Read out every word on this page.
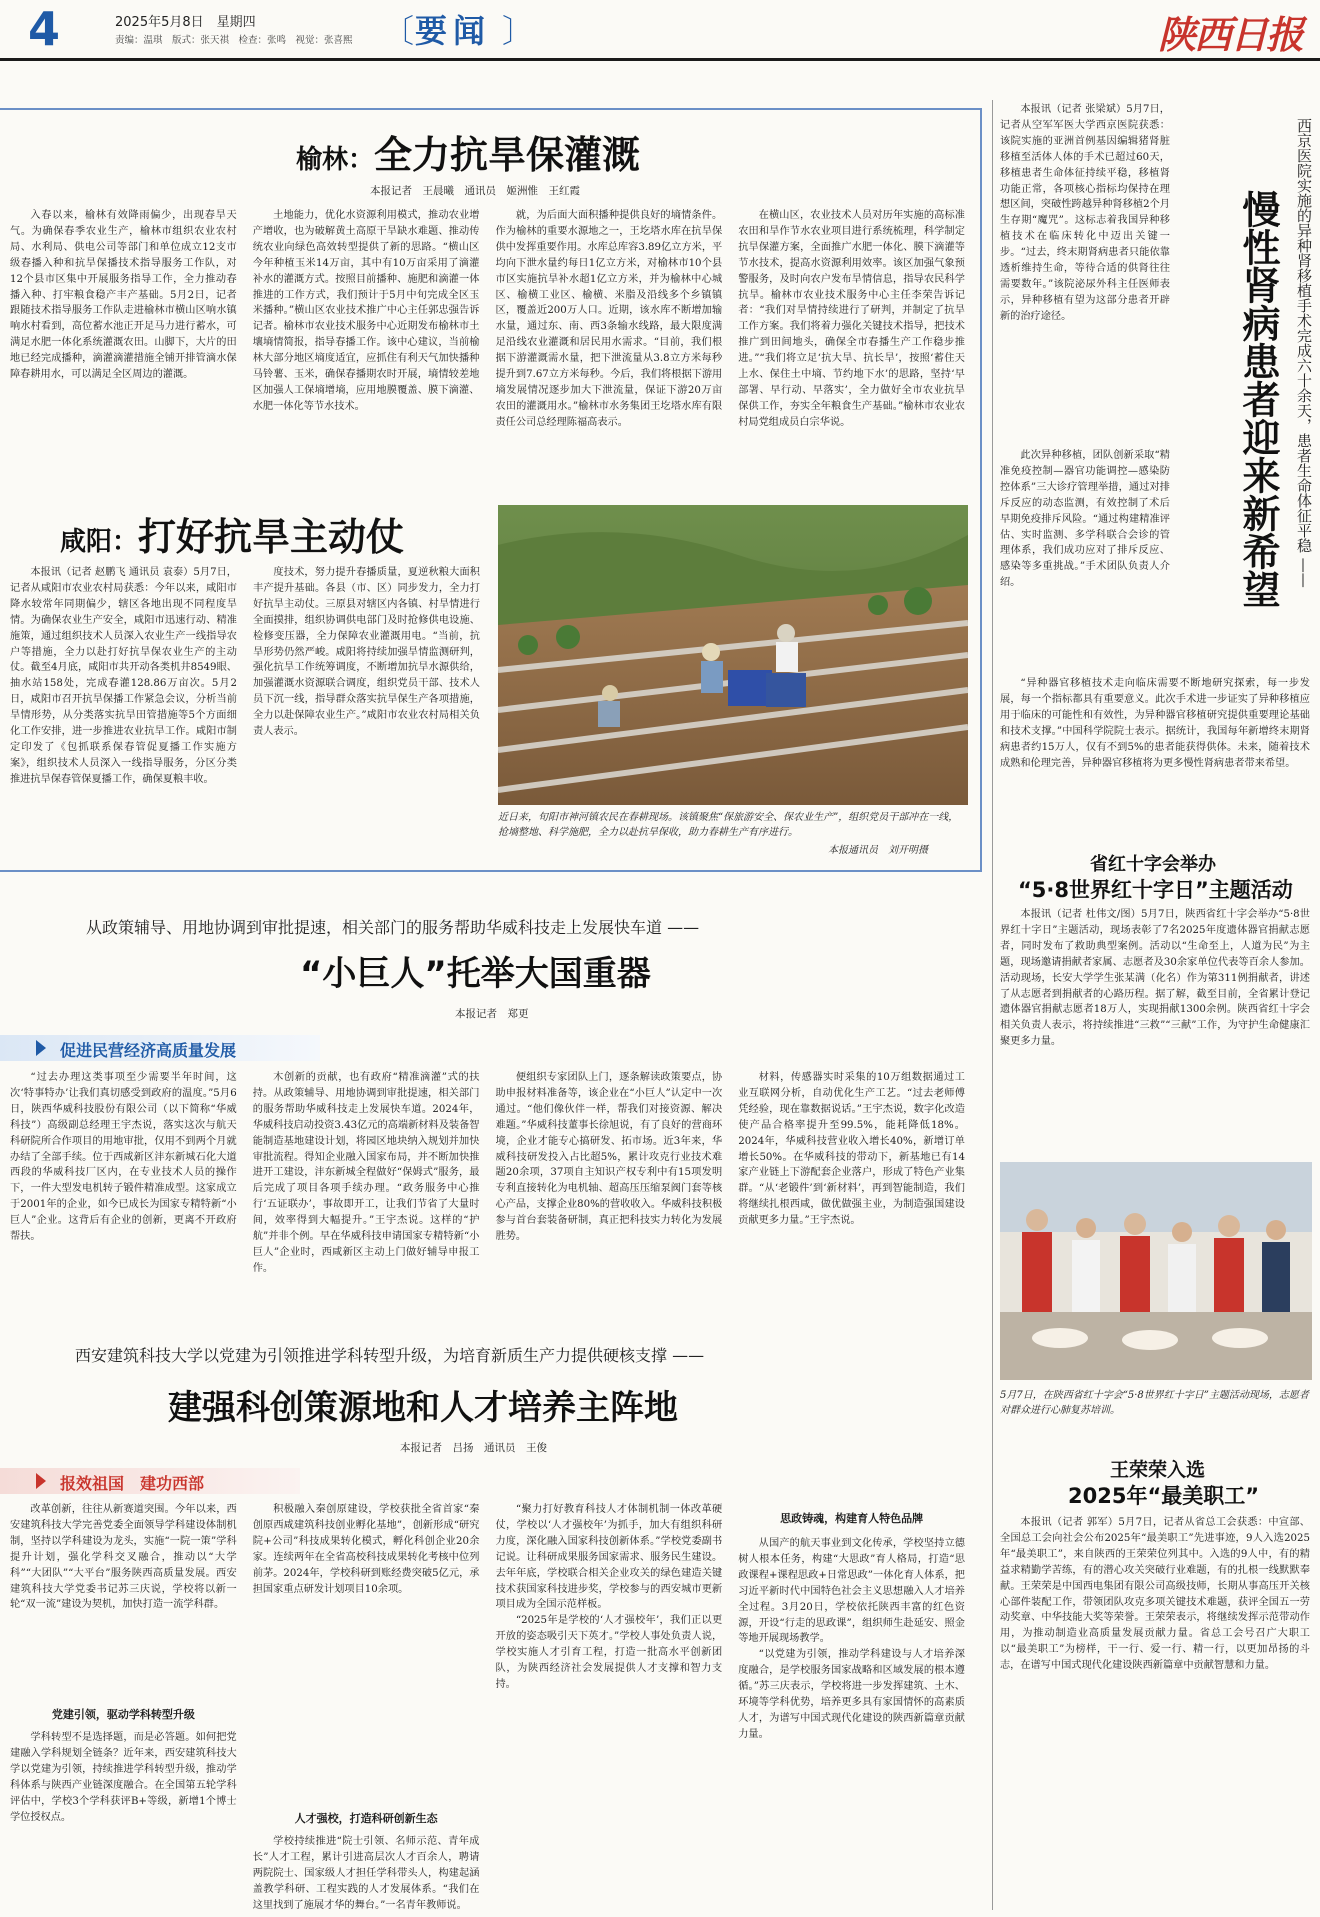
4	2025年5月8日　星期四
责编：温琪　版式：张天祺　检查：张鸣　视觉：张喜熙 〔 要闻 〕	陕西日报
榆林：全力抗旱保灌溉
本报记者　王晨曦　通讯员　姬洲惟　王红霞
入春以来，榆林有效降雨偏少，出现春旱天气。为确保春季农业生产，榆林市组织农业农村局、水利局、供电公司等部门和单位成立12支市级春播入种和抗旱保播技术指导服务工作队，对12个县市区集中开展服务指导工作，全力推动春播入种、打牢粮食稳产丰产基础。5月2日，记者跟随技术指导服务工作队走进榆林市横山区响水镇响水村看到，高位蓄水池正开足马力进行蓄水，可满足水肥一体化系统灌溉农田。山脚下，大片的田地已经完成播种，滴灌滴灌措施全铺开排管滴水保障春耕用水，可以满足全区周边的灌溉。
土地能力，优化水资源利用模式，推动农业增产增收，也为破解黄土高原干旱缺水难题、推动传统农业向绿色高效转型提供了新的思路。“横山区今年种植玉米14万亩，其中有10万亩采用了滴灌补水的灌溉方式。按照目前播种、施肥和滴灌一体推进的工作方式，我们预计于5月中旬完成全区玉米播种。”横山区农业技术推广中心主任郭忠强告诉记者。榆林市农业技术服务中心近期发布榆林市土壤墒情简报，指导春播工作。该中心建议，当前榆林大部分地区墒度适宜，应抓住有利天气加快播种马铃薯、玉米，确保春播期农时开展，墒情较差地区加强人工保墒增墒，应用地膜覆盖、膜下滴灌、水肥一体化等节水技术。
就，为后面大面积播种提供良好的墒情条件。作为榆林的重要水源地之一，王圪塔水库在抗旱保供中发挥重要作用。水库总库容3.89亿立方米，平均向下泄水量约每日1亿立方米，对榆林市10个县市区实施抗旱补水超1亿立方米，并为榆林中心城区、榆横工业区、榆横、米脂及沿线多个乡镇镇区，覆盖近200万人口。近期，该水库不断增加输水量，通过东、南、西3条输水线路，最大限度满足沿线农业灌溉和居民用水需求。“目前，我们根据下游灌溉需水量，把下泄流量从3.8立方米每秒提升到7.67立方米每秒。今后，我们将根据下游用墒发展情况逐步加大下泄流量，保证下游20万亩农田的灌溉用水。”榆林市水务集团王圪塔水库有限责任公司总经理陈福高表示。
在横山区，农业技术人员对历年实施的高标准农田和旱作节水农业项目进行系统梳理，科学制定抗旱保灌方案，全面推广水肥一体化、膜下滴灌等节水技术，提高水资源利用效率。该区加强气象预警服务，及时向农户发布旱情信息，指导农民科学抗旱。榆林市农业技术服务中心主任李荣告诉记者：“我们对旱情持续进行了研判，并制定了抗旱工作方案。我们将着力强化关键技术指导，把技术推广到田间地头，确保全市春播生产工作稳步推进。”“我们将立足‘抗大旱、抗长旱’，按照‘蓄住天上水、保住土中墒、节约地下水’的思路，坚持‘早部署、早行动、早落实’，全力做好全市农业抗旱保供工作，夯实全年粮食生产基础。”榆林市农业农村局党组成员白宗华说。
咸阳：打好抗旱主动仗
本报讯（记者 赵鹏飞 通讯员 袁泰）5月7日，记者从咸阳市农业农村局获悉：今年以来，咸阳市降水较常年同期偏少，辖区各地出现不同程度旱情。为确保农业生产安全，咸阳市迅速行动、精准施策，通过组织技术人员深入农业生产一线指导农户等措施，全力以赴打好抗旱保农业生产的主动仗。截至4月底，咸阳市共开动各类机井8549眼、抽水站158处，完成春灌128.86万亩次。5月2日，咸阳市召开抗旱保播工作紧急会议，分析当前旱情形势，从分类落实抗旱田管措施等5个方面细化工作安排，进一步推进农业抗旱工作。咸阳市制定印发了《包抓联系保春管促夏播工作实施方案》，组织技术人员深入一线指导服务，分区分类推进抗旱保春管保夏播工作，确保夏粮丰收。
度技术，努力提升春播质量，夏逆秋粮大面积丰产提升基础。各县（市、区）同步发力，全力打好抗旱主动仗。三原县对辖区内各镇、村旱情进行全面摸排，组织协调供电部门及时抢修供电设施、检修变压器，全力保障农业灌溉用电。“当前，抗旱形势仍然严峻。咸阳将持续加强旱情监测研判，强化抗旱工作统筹调度，不断增加抗旱水源供给，加强灌溉水资源联合调度，组织党员干部、技术人员下沉一线，指导群众落实抗旱保生产各项措施，全力以赴保障农业生产。”咸阳市农业农村局相关负责人表示。
近日来，旬阳市神河镇农民在春耕现场。该镇聚焦“保旅游安全、保农业生产”，组织党员干部冲在一线，抢墒整地、科学施肥，全力以赴抗旱保收，助力春耕生产有序进行。
本报通讯员　刘开明摄
从政策辅导、用地协调到审批提速，相关部门的服务帮助华威科技走上发展快车道 ——
“小巨人”托举大国重器
本报记者　郑更
促进民营经济高质量发展
“过去办理这类事项至少需要半年时间，这次‘特事特办’让我们真切感受到政府的温度。”5月6日，陕西华威科技股份有限公司（以下简称“华威科技”）高级副总经理王宇杰说，落实这次与航天科研院所合作项目的用地审批，仅用不到两个月就办结了全部手续。位于西咸新区沣东新城石化大道西段的华威科技厂区内，在专业技术人员的操作下，一件大型发电机转子锻件精准成型。这家成立于2001年的企业，如今已成长为国家专精特新“小巨人”企业。这背后有企业的创新，更离不开政府帮扶。
木创新的贡献，也有政府“精准滴灌”式的扶持。从政策辅导、用地协调到审批提速，相关部门的服务帮助华威科技走上发展快车道。2024年，华威科技启动投资3.43亿元的高端新材料及装备智能制造基地建设计划，将园区地块纳入规划并加快审批流程。得知企业融入国家布局，并不断加快推进开工建设，沣东新城全程做好“保姆式”服务，最后完成了项目各项手续办理。“政务服务中心推行‘五证联办’，事故即开工，让我们节省了大量时间，效率得到大幅提升。”王宇杰说。这样的“护航”并非个例。早在华威科技申请国家专精特新“小巨人”企业时，西咸新区主动上门做好辅导申报工作。
便组织专家团队上门，逐条解读政策要点，协助申报材料准备等，该企业在“小巨人”认定中一次通过。“他们像伙伴一样，帮我们对接资源、解决难题。”华威科技董事长徐旭说，有了良好的营商环境，企业才能专心搞研发、拓市场。近3年来，华威科技研发投入占比超5%，累计攻克行业技术难题20余项，37项自主知识产权专利中有15项发明专利直接转化为电机轴、超高压压缩泵阀门套等核心产品，支撑企业80%的营收收入。华威科技积极参与首台套装备研制，真正把科技实力转化为发展胜势。
材料，传感器实时采集的10万组数据通过工业互联网分析，自动优化生产工艺。“过去老师傅凭经验，现在靠数据说话。”王宇杰说，数字化改造使产品合格率提升至99.5%，能耗降低18%。2024年，华威科技营业收入增长40%，新增订单增长50%。在华威科技的带动下，新基地已有14家产业链上下游配套企业落户，形成了特色产业集群。“从‘老锻件’到‘新材料’，再到智能制造，我们将继续扎根西咸，做优做强主业，为制造强国建设贡献更多力量。”王宇杰说。
西安建筑科技大学以党建为引领推进学科转型升级，为培育新质生产力提供硬核支撑 ——
建强科创策源地和人才培养主阵地
本报记者　吕扬　通讯员　王俊
报效祖国　建功西部
改革创新，往往从新赛道突围。今年以来，西安建筑科技大学完善党委全面领导学科建设体制机制，坚持以学科建设为龙头，实施“一院一策”学科提升计划，强化学科交叉融合，推动以“大学科”“大团队”“大平台”服务陕西高质量发展。西安建筑科技大学党委书记苏三庆说，学校将以新一轮“双一流”建设为契机，加快打造一流学科群。
党建引领，驱动学科转型升级
学科转型不是选择题，而是必答题。如何把党建融入学科规划全链条？近年来，西安建筑科技大学以党建为引领，持续推进学科转型升级，推动学科体系与陕西产业链深度融合。在全国第五轮学科评估中，学校3个学科获评B+等级，新增1个博士学位授权点。
积极融入秦创原建设，学校获批全省首家“秦创原西咸建筑科技创业孵化基地”，创新形成“研究院+公司”科技成果转化模式，孵化科创企业20余家。连续两年在全省高校科技成果转化考核中位列前茅。2024年，学校科研到账经费突破5亿元，承担国家重点研发计划项目10余项。
人才强校，打造科研创新生态
学校持续推进“院士引领、名师示范、青年成长”人才工程，累计引进高层次人才百余人，聘请两院院士、国家级人才担任学科带头人，构建起涵盖教学科研、工程实践的人才发展体系。“我们在这里找到了施展才华的舞台。”一名青年教师说。
“聚力打好教育科技人才体制机制一体改革硬仗，学校以‘人才强校年’为抓手，加大有组织科研力度，深化融入国家科技创新体系。”学校党委副书记说。让科研成果服务国家需求、服务民生建设。去年年底，学校联合相关企业攻关的绿色建造关键技术获国家科技进步奖，学校参与的西安城市更新项目成为全国示范样板。
“2025年是学校的‘人才强校年’，我们正以更开放的姿态吸引天下英才。”学校人事处负责人说，学校实施人才引育工程，打造一批高水平创新团队，为陕西经济社会发展提供人才支撑和智力支持。
思政铸魂，构建育人特色品牌
从国产的航天事业到文化传承，学校坚持立德树人根本任务，构建“大思政”育人格局，打造“思政课程+课程思政+日常思政”一体化育人体系，把习近平新时代中国特色社会主义思想融入人才培养全过程。3月20日，学校依托陕西丰富的红色资源，开设“行走的思政课”，组织师生赴延安、照金等地开展现场教学。
“以党建为引领，推动学科建设与人才培养深度融合，是学校服务国家战略和区域发展的根本遵循。”苏三庆表示，学校将进一步发挥建筑、土木、环境等学科优势，培养更多具有家国情怀的高素质人才，为谱写中国式现代化建设的陕西新篇章贡献力量。
本报讯（记者 张梁斌）5月7日，记者从空军军医大学西京医院获悉：该院实施的亚洲首例基因编辑猪肾脏移植至活体人体的手术已超过60天，移植患者生命体征持续平稳，移植肾功能正常，各项核心指标均保持在理想区间，突破性跨越异种肾移植2个月生存期“魔咒”。这标志着我国异种移植技术在临床转化中迈出关键一步。“过去，终末期肾病患者只能依靠透析维持生命，等待合适的供肾往往需要数年。”该院泌尿外科主任医师表示，异种移植有望为这部分患者开辟新的治疗途径。	西京医院实施的异种肾移植手术完成六十余天，患者生命体征平稳 ——
慢性肾病患者迎来新希望
此次异种移植，团队创新采取“精准免疫控制—器官功能调控—感染防控体系”三大诊疗管理举措，通过对排斥反应的动态监测，有效控制了术后早期免疫排斥风险。“通过构建精准评估、实时监测、多学科联合会诊的管理体系，我们成功应对了排斥反应、感染等多重挑战。”手术团队负责人介绍。
“异种器官移植技术走向临床需要不断地研究探索，每一步发展，每一个指标都具有重要意义。此次手术进一步证实了异种移植应用于临床的可能性和有效性，为异种器官移植研究提供重要理论基础和技术支撑。”中国科学院院士表示。据统计，我国每年新增终末期肾病患者约15万人，仅有不到5%的患者能获得供体。未来，随着技术成熟和伦理完善，异种器官移植将为更多慢性肾病患者带来希望。
省红十字会举办
“5·8世界红十字日”主题活动
本报讯（记者 杜伟文/图）5月7日，陕西省红十字会举办“5·8世界红十字日”主题活动，现场表彰了7名2025年度遗体器官捐献志愿者，同时发布了救助典型案例。活动以“生命至上，人道为民”为主题，现场邀请捐献者家属、志愿者及30余家单位代表等百余人参加。活动现场，长安大学学生张某满（化名）作为第311例捐献者，讲述了从志愿者到捐献者的心路历程。据了解，截至目前，全省累计登记遗体器官捐献志愿者18万人，实现捐献1300余例。陕西省红十字会相关负责人表示，将持续推进“三救”“三献”工作，为守护生命健康汇聚更多力量。
5月7日，在陕西省红十字会“5·8世界红十字日”主题活动现场，志愿者对群众进行心肺复苏培训。
王荣荣入选
2025年“最美职工”
本报讯（记者 郭军）5月7日，记者从省总工会获悉：中宣部、全国总工会向社会公布2025年“最美职工”先进事迹，9人入选2025年“最美职工”，来自陕西的王荣荣位列其中。入选的9人中，有的精益求精勤学苦练，有的潜心攻关突破行业难题，有的扎根一线默默奉献。王荣荣是中国西电集团有限公司高级技师，长期从事高压开关核心部件装配工作，带领团队攻克多项关键技术难题，获评全国五一劳动奖章、中华技能大奖等荣誉。王荣荣表示，将继续发挥示范带动作用，为推动制造业高质量发展贡献力量。省总工会号召广大职工以“最美职工”为榜样，干一行、爱一行、精一行，以更加昂扬的斗志，在谱写中国式现代化建设陕西新篇章中贡献智慧和力量。
